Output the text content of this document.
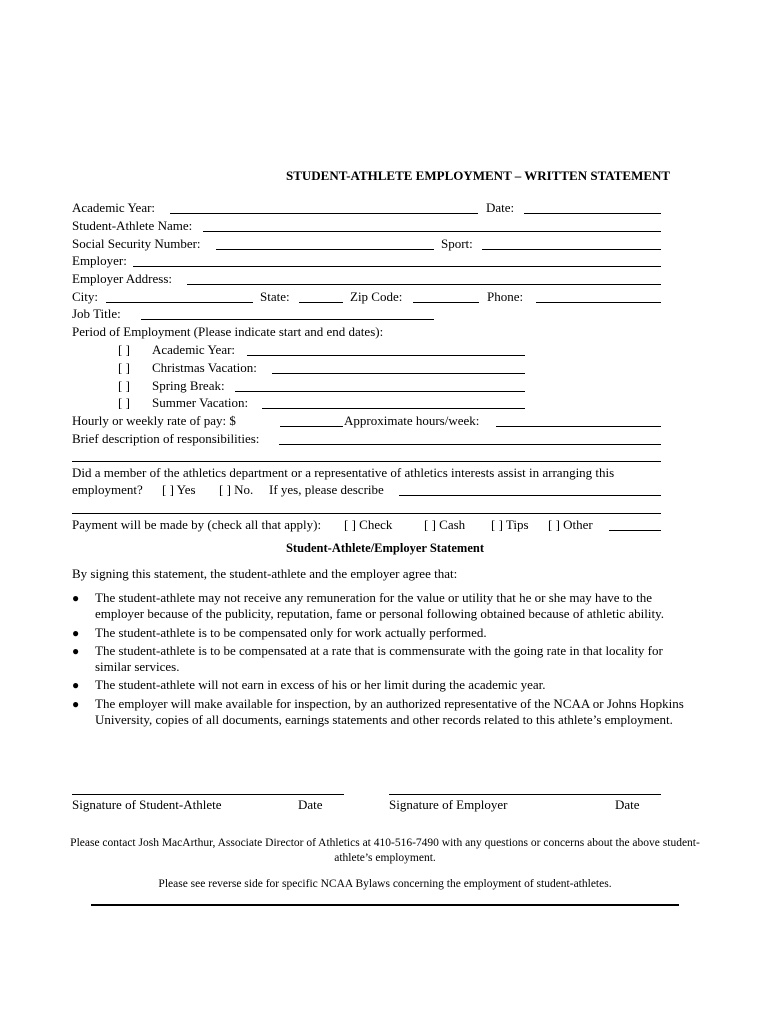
STUDENT-ATHLETE EMPLOYMENT – WRITTEN STATEMENT
Academic Year:	Date:
Student-Athlete Name:
Social Security Number:	Sport:
Employer:
Employer Address:
City:	State:	Zip Code:	Phone:
Job Title:
Period of Employment (Please indicate start and end dates):
[ ] Academic Year:
[ ] Christmas Vacation:
[ ] Spring Break:
[ ] Summer Vacation:
Hourly or weekly rate of pay: $	Approximate hours/week:
Brief description of responsibilities:
Did a member of the athletics department or a representative of athletics interests assist in arranging this
employment? [ ] Yes [ ] No. If yes, please describe
Payment will be made by (check all that apply): [ ] Check [ ] Cash [ ] Tips [ ] Other
Student-Athlete/Employer Statement
By signing this statement, the student-athlete and the employer agree that:
● The student-athlete may not receive any remuneration for the value or utility that he or she may have to the employer because of the publicity, reputation, fame or personal following obtained because of athletic ability.
● The student-athlete is to be compensated only for work actually performed.
● The student-athlete is to be compensated at a rate that is commensurate with the going rate in that locality for similar services.
● The student-athlete will not earn in excess of his or her limit during the academic year.
● The employer will make available for inspection, by an authorized representative of the NCAA or Johns Hopkins University, copies of all documents, earnings statements and other records related to this athlete’s employment.
Signature of Student-Athlete	Date	Signature of Employer	Date
Please contact Josh MacArthur, Associate Director of Athletics at 410-516-7490 with any questions or concerns about the above student-athlete’s employment.
Please see reverse side for specific NCAA Bylaws concerning the employment of student-athletes.
